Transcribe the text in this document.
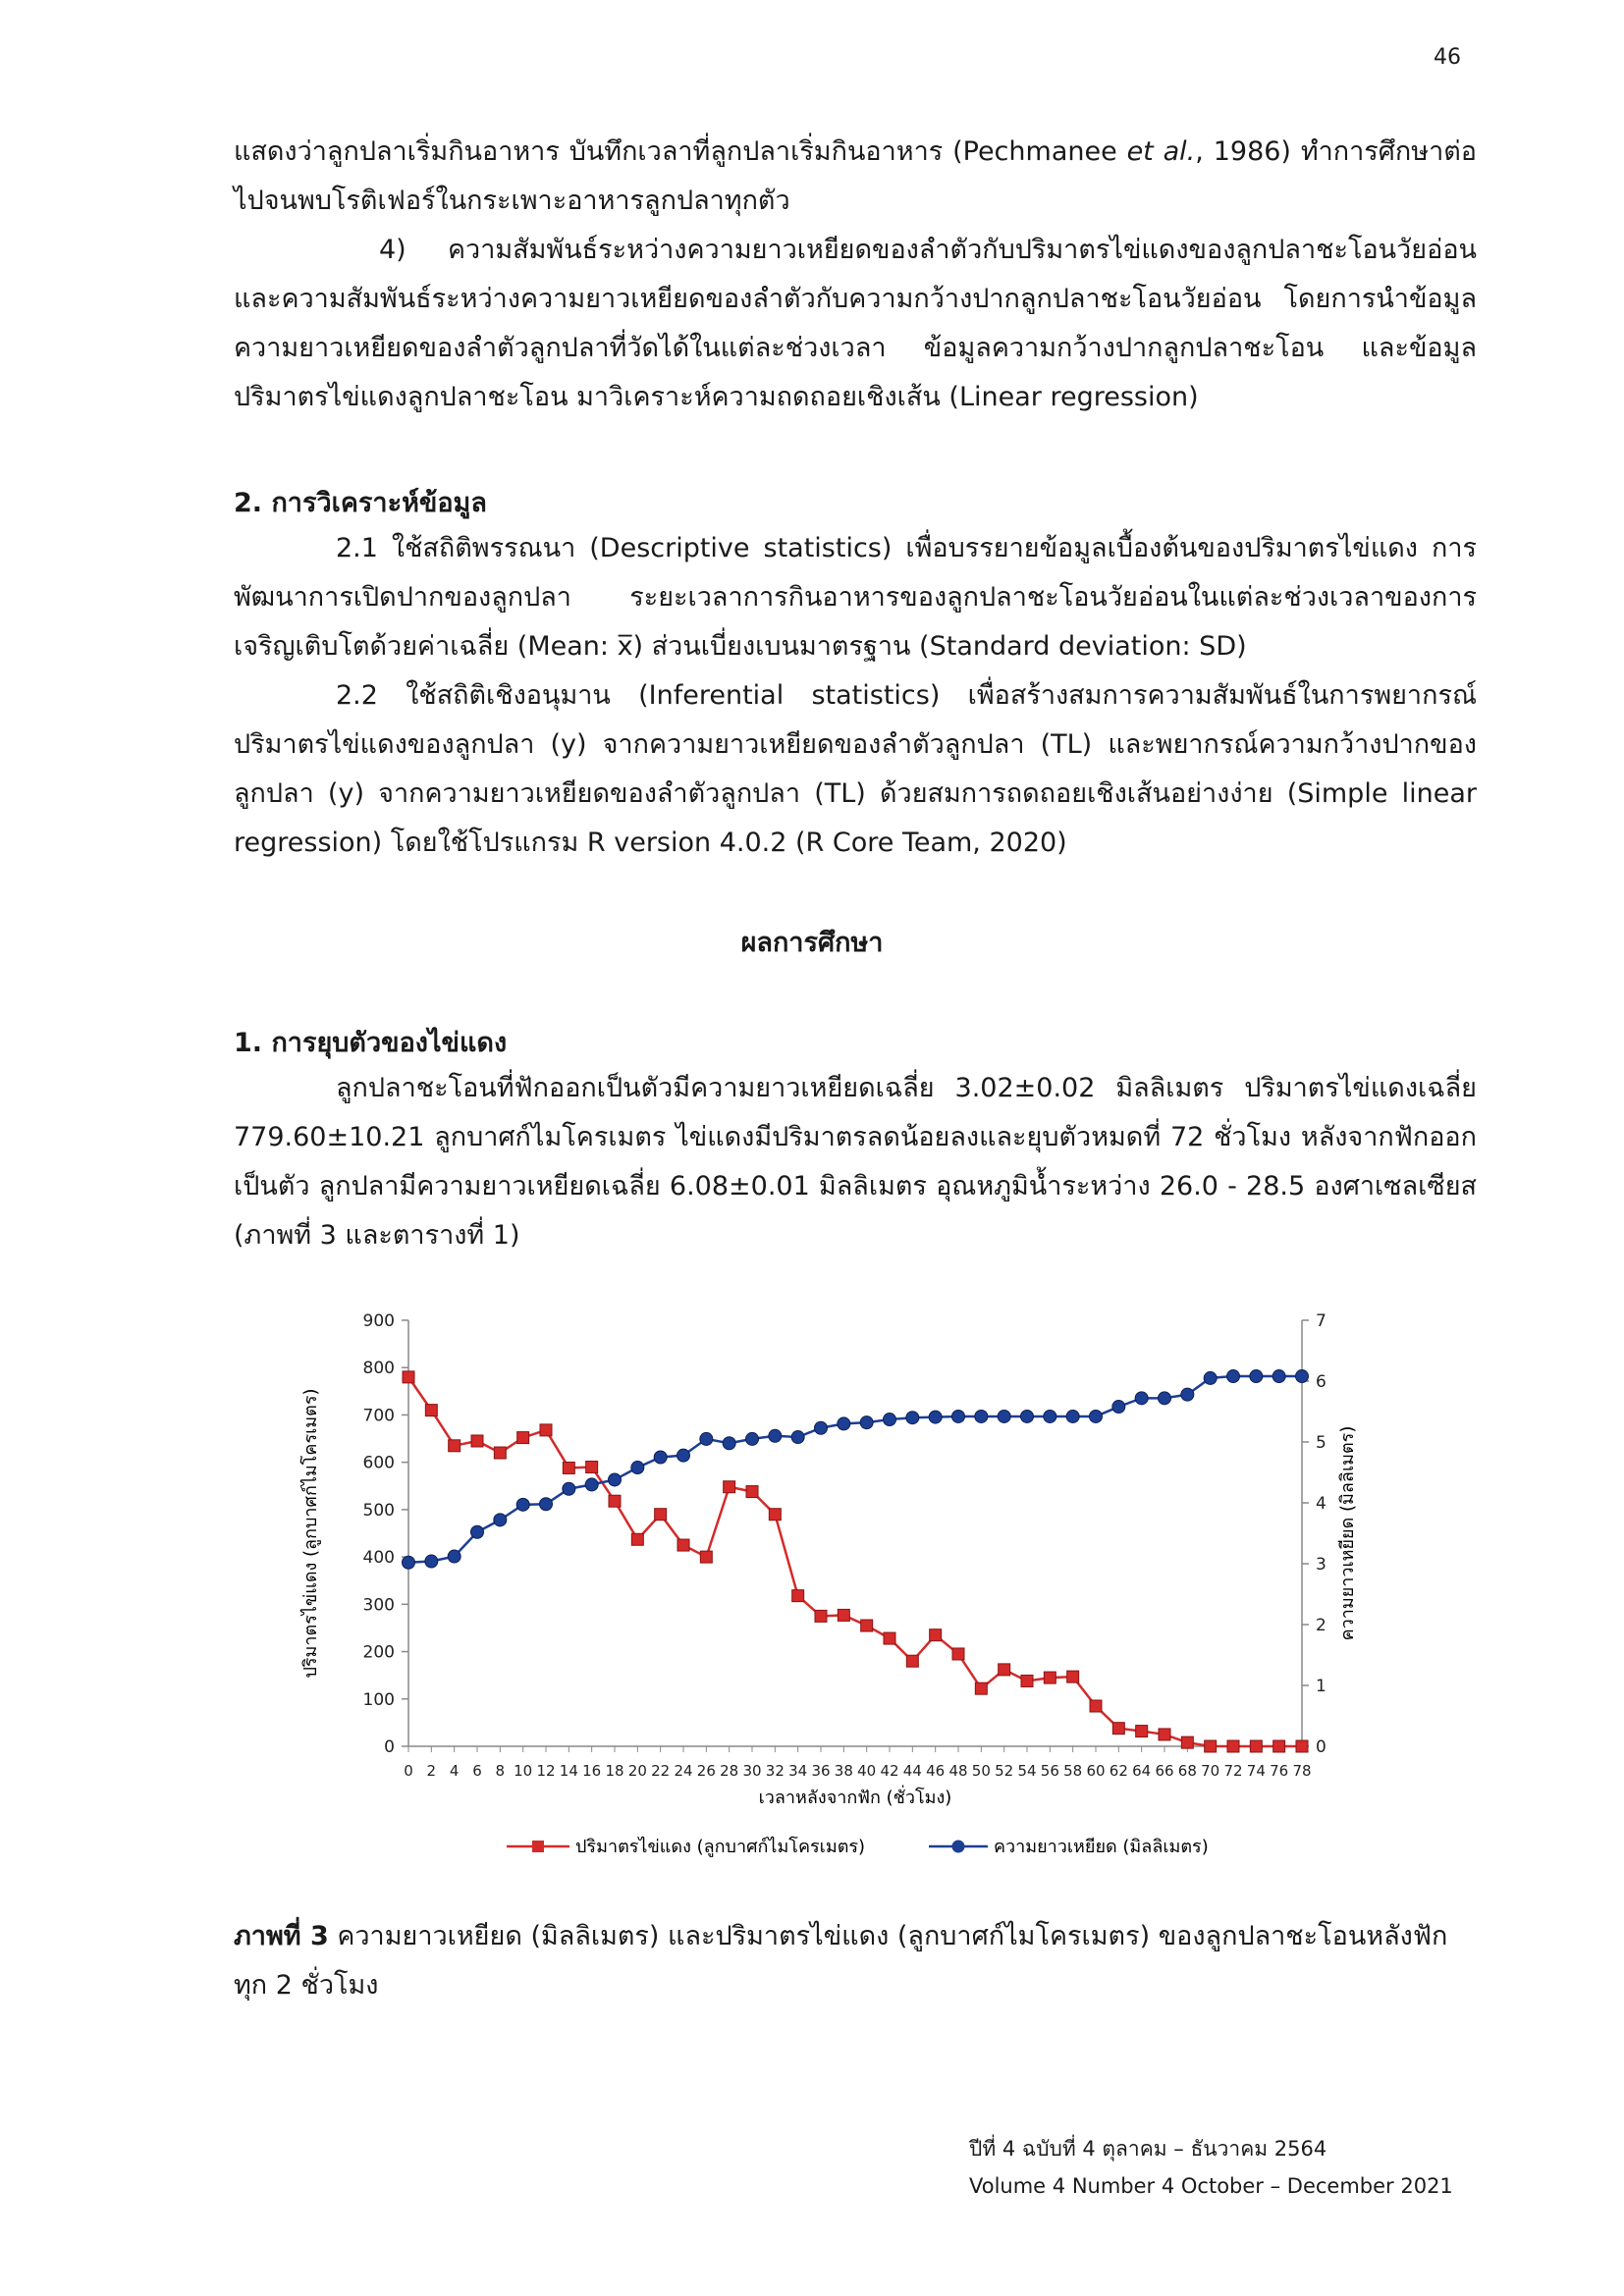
46

แสดงว่าลูกปลาเริ่มกินอาหาร บันทึกเวลาที่ลูกปลาเริ่มกินอาหาร (Pechmanee et al., 1986) ทำการศึกษาต่อไปจนพบโรติเฟอร์ในกระเพาะอาหารลูกปลาทุกตัว

4) ความสัมพันธ์ระหว่างความยาวเหยียดของลำตัวกับปริมาตรไข่แดงของลูกปลาชะโอนวัยอ่อน และความสัมพันธ์ระหว่างความยาวเหยียดของลำตัวกับความกว้างปากลูกปลาชะโอนวัยอ่อน โดยการนำข้อมูลความยาวเหยียดของลำตัวลูกปลาที่วัดได้ในแต่ละช่วงเวลา ข้อมูลความกว้างปากลูกปลาชะโอน และข้อมูลปริมาตรไข่แดงลูกปลาชะโอน มาวิเคราะห์ความถดถอยเชิงเส้น (Linear regression)

2. การวิเคราะห์ข้อมูล

2.1 ใช้สถิติพรรณนา (Descriptive statistics) เพื่อบรรยายข้อมูลเบื้องต้นของปริมาตรไข่แดง การพัฒนาการเปิดปากของลูกปลา ระยะเวลาการกินอาหารของลูกปลาชะโอนวัยอ่อนในแต่ละช่วงเวลาของการเจริญเติบโตด้วยค่าเฉลี่ย (Mean: x̅) ส่วนเบี่ยงเบนมาตรฐาน (Standard deviation: SD)

2.2 ใช้สถิติเชิงอนุมาน (Inferential statistics) เพื่อสร้างสมการความสัมพันธ์ในการพยากรณ์ปริมาตรไข่แดงของลูกปลา (y) จากความยาวเหยียดของลำตัวลูกปลา (TL) และพยากรณ์ความกว้างปากของลูกปลา (y) จากความยาวเหยียดของลำตัวลูกปลา (TL) ด้วยสมการถดถอยเชิงเส้นอย่างง่าย (Simple linear regression) โดยใช้โปรแกรม R version 4.0.2 (R Core Team, 2020)

ผลการศึกษา
1. การยุบตัวของไข่แดง

ลูกปลาชะโอนที่ฟักออกเป็นตัวมีความยาวเหยียดเฉลี่ย 3.02±0.02 มิลลิเมตร ปริมาตรไข่แดงเฉลี่ย 779.60±10.21 ลูกบาศก์ไมโครเมตร ไข่แดงมีปริมาตรลดน้อยลงและยุบตัวหมดที่ 72 ชั่วโมง หลังจากฟักออกเป็นตัว ลูกปลามีความยาวเหยียดเฉลี่ย 6.08±0.01 มิลลิเมตร อุณหภูมิน้ำระหว่าง 26.0 - 28.5 องศาเซลเซียส (ภาพที่ 3 และตารางที่ 1)

0
100
200
300
400
500
600
700
800
900
0
1
2
3
4
5
6
7
0 2 4 6 8 10 12 14 16 18 20 22 24 26 28 30 32 34 36 38 40 42 44 46 48 50 52 54 56 58 60 62 64 66 68 70 72 74 76 78
เวลาหลังจากฟัก (ชั่วโมง)
ปริมาตรไข่แดง (ลูกบาศก์ไมโครเมตร)	ความยาวเหยียด (มิลลิเมตร)
ปริมาตรไข่แดง (ลูกบาศก์ไมโครเมตร)	ความยาวเหยียด (มิลลิเมตร)

ภาพที่ 3 ความยาวเหยียด (มิลลิเมตร) และปริมาตรไข่แดง (ลูกบาศก์ไมโครเมตร) ของลูกปลาชะโอนหลังฟักทุก 2 ชั่วโมง

ปีที่ 4 ฉบับที่ 4 ตุลาคม – ธันวาคม 2564
Volume 4 Number 4 October – December 2021
